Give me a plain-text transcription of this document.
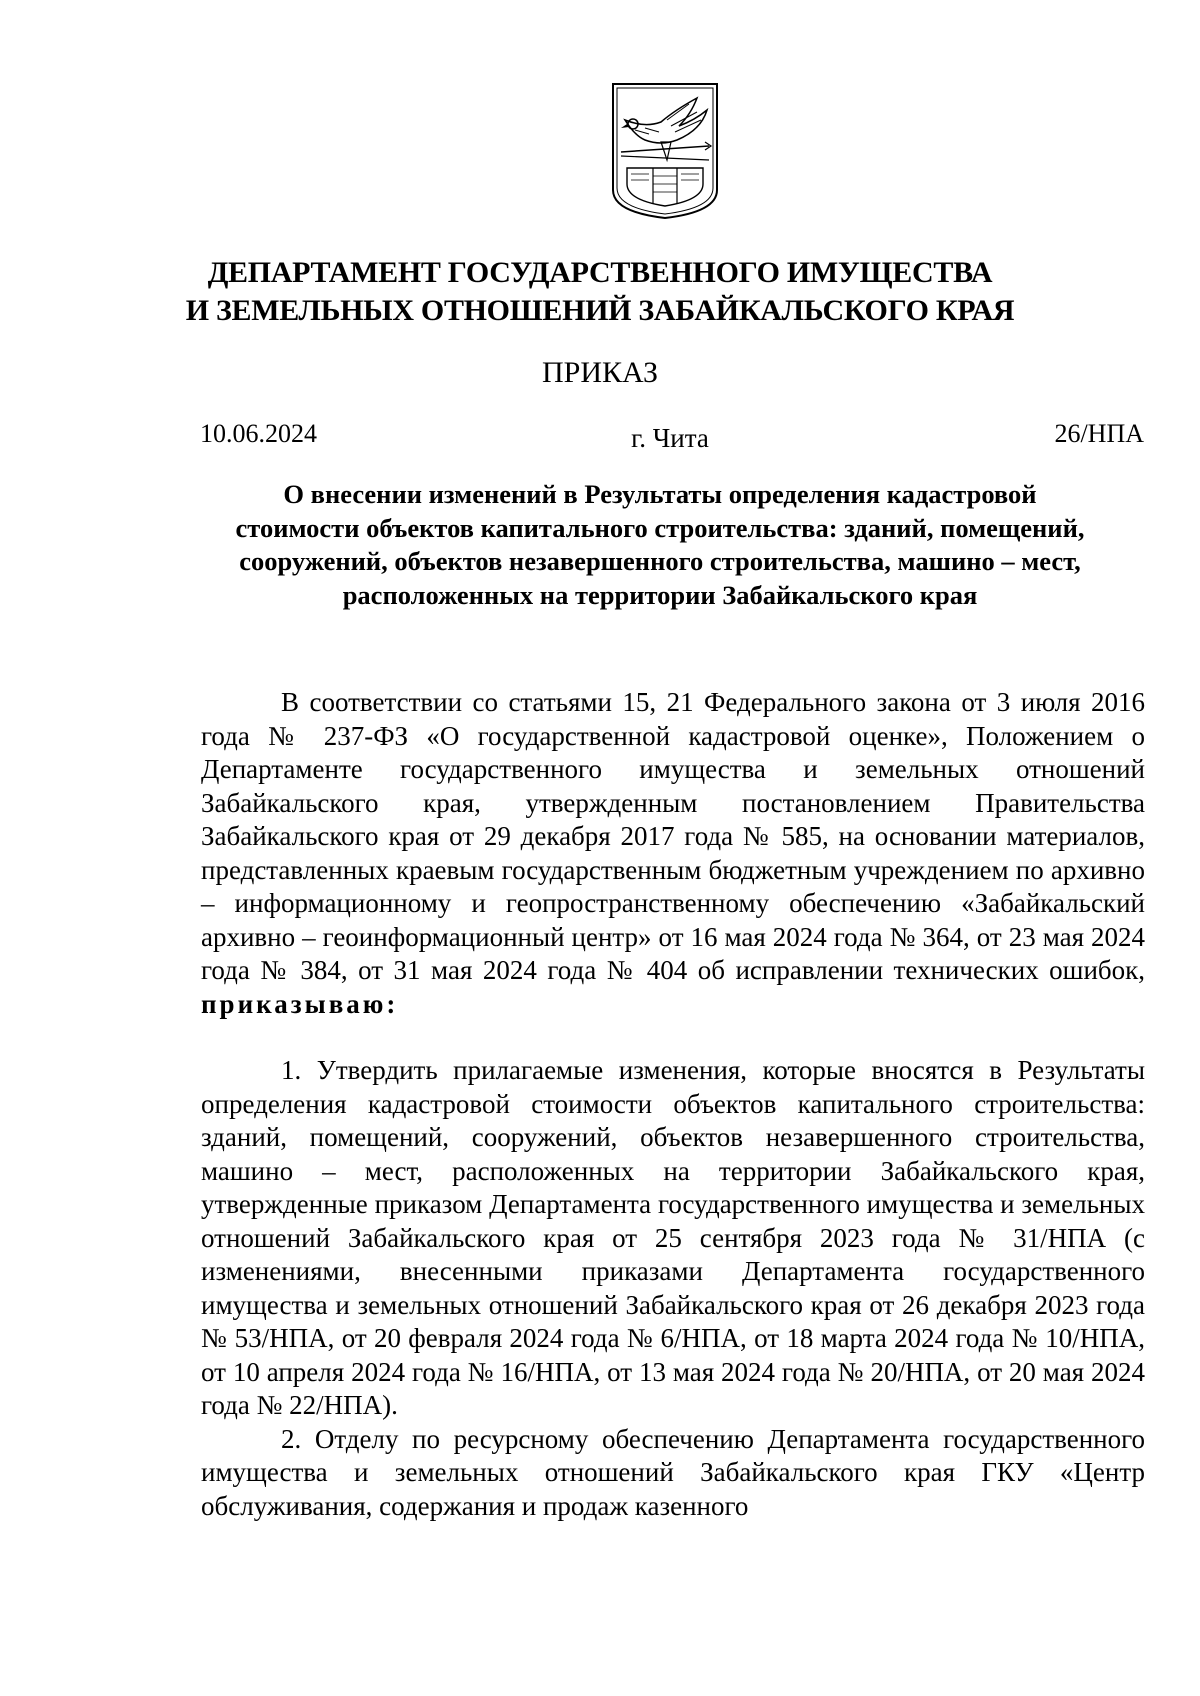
ДЕПАРТАМЕНТ ГОСУДАРСТВЕННОГО ИМУЩЕСТВА
И ЗЕМЕЛЬНЫХ ОТНОШЕНИЙ ЗАБАЙКАЛЬСКОГО КРАЯ
ПРИКАЗ
10.06.2024	г. Чита	26/НПА
О внесении изменений в Результаты определения кадастровой
стоимости объектов капитального строительства: зданий, помещений,
сооружений, объектов незавершенного строительства, машино – мест,
расположенных на территории Забайкальского края

В соответствии со статьями 15, 21 Федерального закона от 3 июля 2016 года № 237-ФЗ «О государственной кадастровой оценке», Положением о Департаменте государственного имущества и земельных отношений Забайкальского края, утвержденным постановлением Правительства Забайкальского края от 29 декабря 2017 года № 585, на основании материалов, представленных краевым государственным бюджетным учреждением по архивно – информационному и геопространственному обеспечению «Забайкальский архивно – геоинформационный центр» от 16 мая 2024 года № 364, от 23 мая 2024 года № 384, от 31 мая 2024 года № 404 об исправлении технических ошибок, приказываю:

1. Утвердить прилагаемые изменения, которые вносятся в Результаты определения кадастровой стоимости объектов капитального строительства: зданий, помещений, сооружений, объектов незавершенного строительства, машино – мест, расположенных на территории Забайкальского края, утвержденные приказом Департамента государственного имущества и земельных отношений Забайкальского края от 25 сентября 2023 года № 31/НПА (с изменениями, внесенными приказами Департамента государственного имущества и земельных отношений Забайкальского края от 26 декабря 2023 года № 53/НПА, от 20 февраля 2024 года № 6/НПА, от 18 марта 2024 года № 10/НПА, от 10 апреля 2024 года № 16/НПА, от 13 мая 2024 года № 20/НПА, от 20 мая 2024 года № 22/НПА).

2. Отделу по ресурсному обеспечению Департамента государственного имущества и земельных отношений Забайкальского края ГКУ «Центр обслуживания, содержания и продаж казенного
